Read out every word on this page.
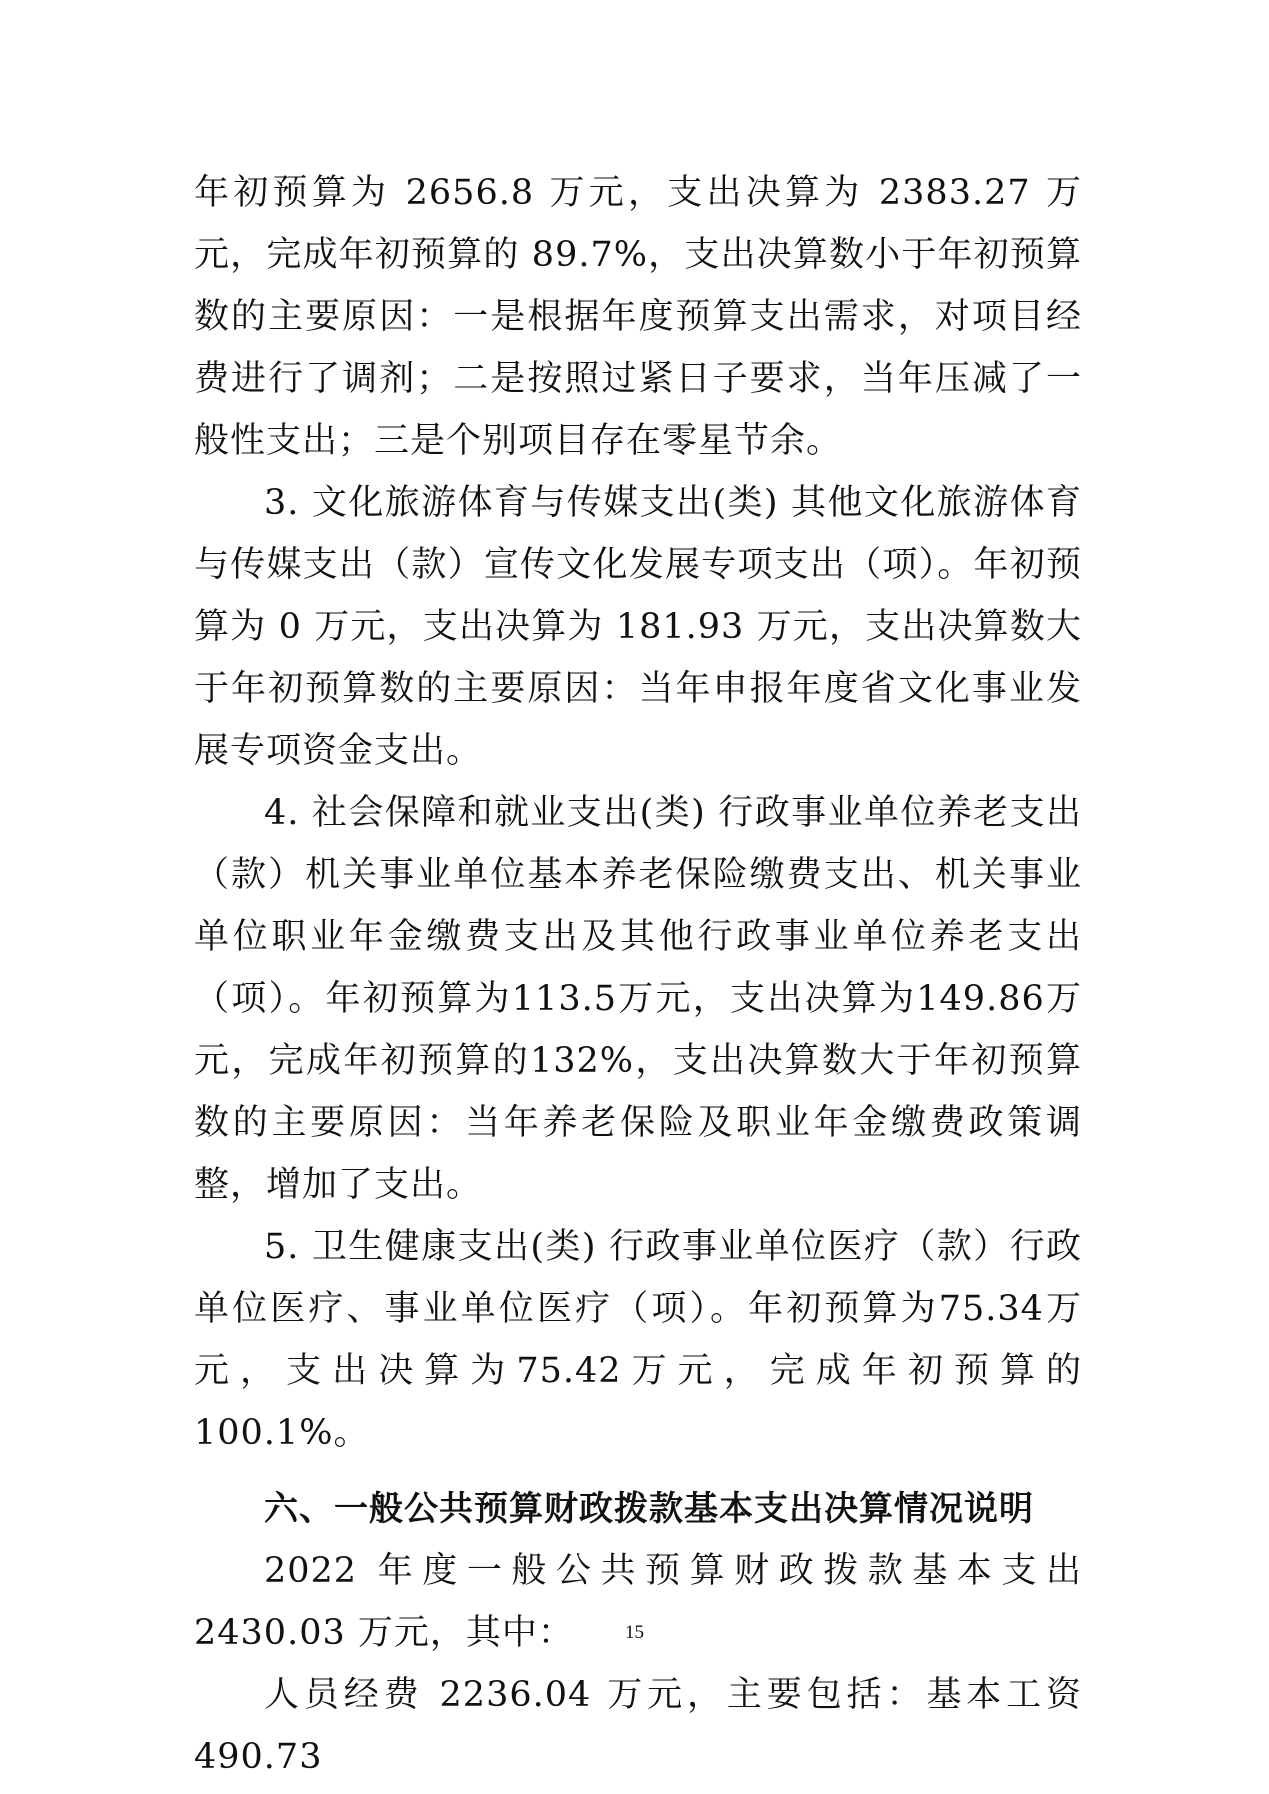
年初预算为 2656.8 万元，支出决算为 2383.27 万元，完成年初预算的 89.7%，支出决算数小于年初预算数的主要原因：一是根据年度预算支出需求，对项目经费进行了调剂；二是按照过紧日子要求，当年压减了一般性支出；三是个别项目存在零星节余。

3. 文化旅游体育与传媒支出(类) 其他文化旅游体育与传媒支出（款）宣传文化发展专项支出（项）。年初预算为 0 万元，支出决算为 181.93 万元，支出决算数大于年初预算数的主要原因：当年申报年度省文化事业发展专项资金支出。

4. 社会保障和就业支出(类) 行政事业单位养老支出（款）机关事业单位基本养老保险缴费支出、机关事业单位职业年金缴费支出及其他行政事业单位养老支出（项）。年初预算为113.5万元，支出决算为149.86万元，完成年初预算的132%，支出决算数大于年初预算数的主要原因：当年养老保险及职业年金缴费政策调整，增加了支出。

5. 卫生健康支出(类) 行政事业单位医疗（款）行政单位医疗、事业单位医疗（项）。年初预算为75.34万元，支出决算为75.42万元，完成年初预算的100.1%。

六、一般公共预算财政拨款基本支出决算情况说明

2022 年度一般公共预算财政拨款基本支出 2430.03 万元，其中：

人员经费 2236.04 万元，主要包括：基本工资 490.73

15
